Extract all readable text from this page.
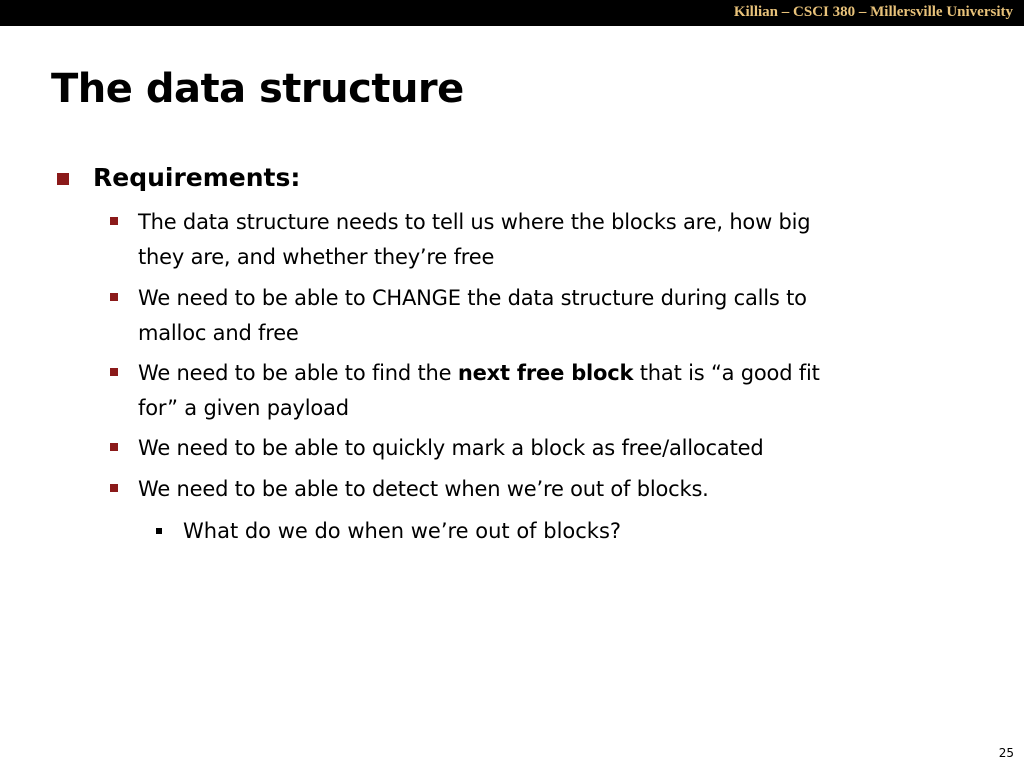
Killian – CSCI 380 – Millersville University
The data structure
Requirements:
The data structure needs to tell us where the blocks are, how big
they are, and whether they’re free
We need to be able to CHANGE the data structure during calls to
malloc and free
We need to be able to find the next free block that is “a good fit
for” a given payload
We need to be able to quickly mark a block as free/allocated
We need to be able to detect when we’re out of blocks.
What do we do when we’re out of blocks?
25
